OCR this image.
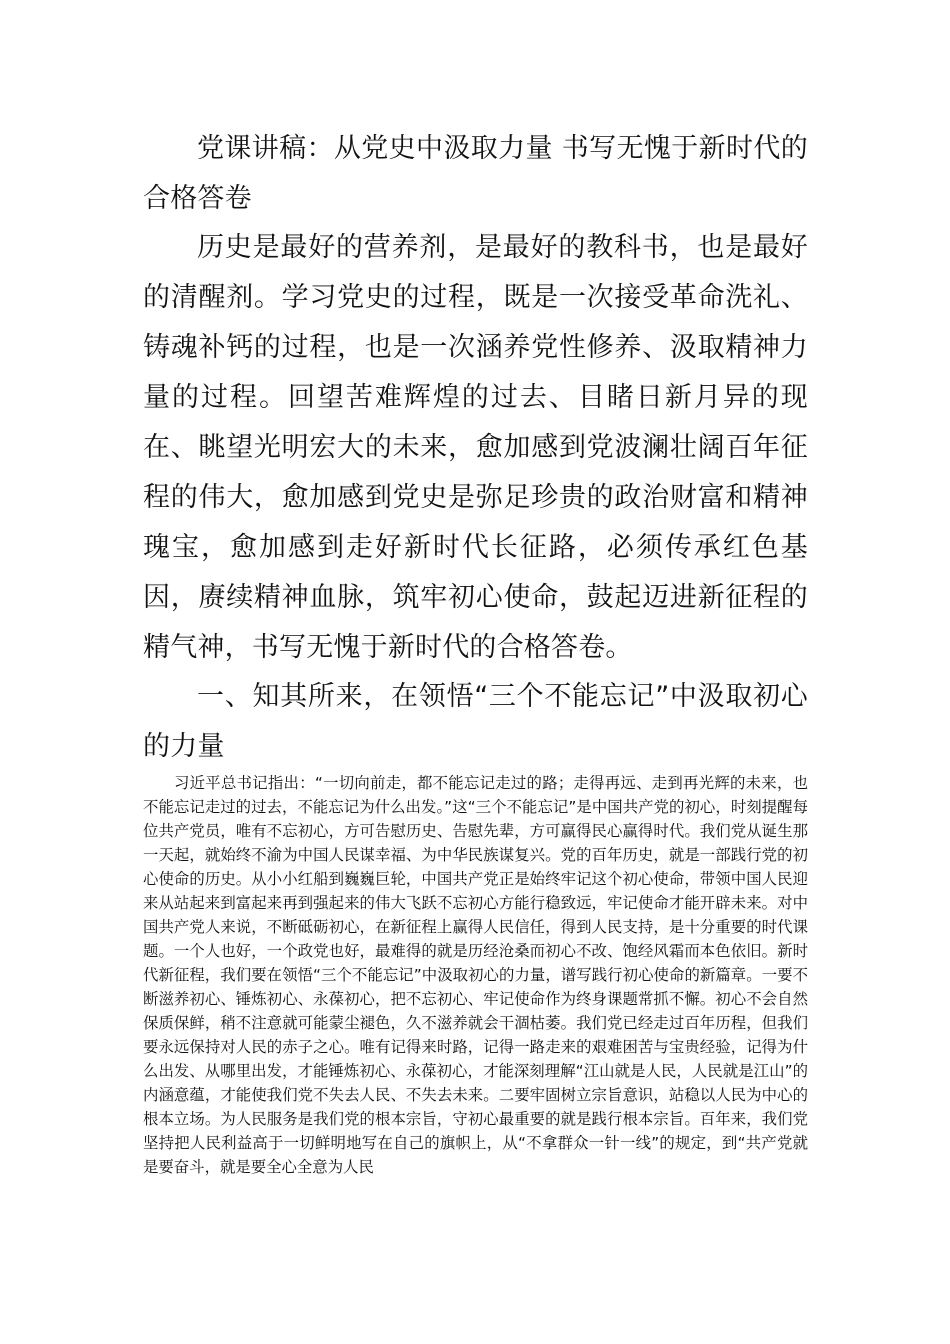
党课讲稿：从党史中汲取力量 书写无愧于新时代的合格答卷

历史是最好的营养剂，是最好的教科书，也是最好的清醒剂。学习党史的过程，既是一次接受革命洗礼、铸魂补钙的过程，也是一次涵养党性修养、汲取精神力量的过程。回望苦难辉煌的过去、目睹日新月异的现在、眺望光明宏大的未来，愈加感到党波澜壮阔百年征程的伟大，愈加感到党史是弥足珍贵的政治财富和精神瑰宝，愈加感到走好新时代长征路，必须传承红色基因，赓续精神血脉，筑牢初心使命，鼓起迈进新征程的精气神，书写无愧于新时代的合格答卷。

一、知其所来，在领悟“三个不能忘记”中汲取初心的力量

习近平总书记指出：“一切向前走，都不能忘记走过的路；走得再远、走到再光辉的未来，也不能忘记走过的过去，不能忘记为什么出发。”这“三个不能忘记”是中国共产党的初心，时刻提醒每位共产党员，唯有不忘初心，方可告慰历史、告慰先辈，方可赢得民心赢得时代。我们党从诞生那一天起，就始终不渝为中国人民谋幸福、为中华民族谋复兴。党的百年历史，就是一部践行党的初心使命的历史。从小小红船到巍巍巨轮，中国共产党正是始终牢记这个初心使命，带领中国人民迎来从站起来到富起来再到强起来的伟大飞跃不忘初心方能行稳致远，牢记使命才能开辟未来。对中国共产党人来说，不断砥砺初心，在新征程上赢得人民信任，得到人民支持，是十分重要的时代课题。一个人也好，一个政党也好，最难得的就是历经沧桑而初心不改、饱经风霜而本色依旧。新时代新征程，我们要在领悟“三个不能忘记”中汲取初心的力量，谱写践行初心使命的新篇章。一要不断滋养初心、锤炼初心、永葆初心，把不忘初心、牢记使命作为终身课题常抓不懈。初心不会自然保质保鲜，稍不注意就可能蒙尘褪色，久不滋养就会干涸枯萎。我们党已经走过百年历程，但我们要永远保持对人民的赤子之心。唯有记得来时路，记得一路走来的艰难困苦与宝贵经验，记得为什么出发、从哪里出发，才能锤炼初心、永葆初心，才能深刻理解“江山就是人民，人民就是江山”的内涵意蕴，才能使我们党不失去人民、不失去未来。二要牢固树立宗旨意识，站稳以人民为中心的根本立场。为人民服务是我们党的根本宗旨，守初心最重要的就是践行根本宗旨。百年来，我们党坚持把人民利益高于一切鲜明地写在自己的旗帜上，从“不拿群众一针一线”的规定，到“共产党就是要奋斗，就是要全心全意为人民
